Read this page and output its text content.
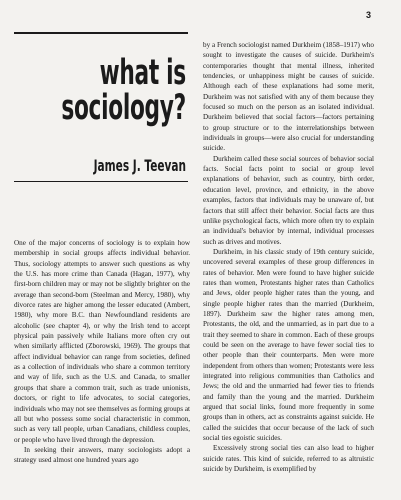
3
what is
sociology?
James J. Teevan

One of the major concerns of sociology is to explain how membership in social groups affects individual behavior. Thus, sociology attempts to answer such questions as why the U.S. has more crime than Canada (Hagan, 1977), why first-born children may or may not be slightly brighter on the average than second-born (Steelman and Mercy, 1980), why divorce rates are higher among the lesser educated (Ambert, 1980), why more B.C. than Newfoundland residents are alcoholic (see chapter 4), or why the Irish tend to accept physical pain passively while Italians more often cry out when similarly afflicted (Zborowski, 1969). The groups that affect individual behavior can range from societies, defined as a collection of individuals who share a common territory and way of life, such as the U.S. and Canada, to smaller groups that share a common trait, such as trade unionists, doctors, or right to life advocates, to social categories, individuals who may not see themselves as forming groups at all but who possess some social characteristic in common, such as very tall people, urban Canadians, childless couples, or people who have lived through the depression.

In seeking their answers, many sociologists adopt a strategy used almost one hundred years ago

by a French sociologist named Durkheim (1858–1917) who sought to investigate the causes of suicide. Durkheim's contemporaries thought that mental illness, inherited tendencies, or unhappiness might be causes of suicide. Although each of these explanations had some merit, Durkheim was not satisfied with any of them because they focused so much on the person as an isolated individual. Durkheim believed that social factors—factors pertaining to group structure or to the interrelationships between individuals in groups—were also crucial for understanding suicide.

Durkheim called these social sources of behavior social facts. Social facts point to social or group level explanations of behavior, such as country, birth order, education level, province, and ethnicity, in the above examples, factors that individuals may be unaware of, but factors that still affect their behavior. Social facts are thus unlike psychological facts, which more often try to explain an individual's behavior by internal, individual processes such as drives and motives.

Durkheim, in his classic study of 19th century suicide, uncovered several examples of these group differences in rates of behavior. Men were found to have higher suicide rates than women, Protestants higher rates than Catholics and Jews, older people higher rates than the young, and single people higher rates than the married (Durkheim, 1897). Durkheim saw the higher rates among men, Protestants, the old, and the unmarried, as in part due to a trait they seemed to share in common. Each of these groups could be seen on the average to have fewer social ties to other people than their counterparts. Men were more independent from others than women; Protestants were less integrated into religious communities than Catholics and Jews; the old and the unmarried had fewer ties to friends and family than the young and the married. Durkheim argued that social links, found more frequently in some groups than in others, act as constraints against suicide. He called the suicides that occur because of the lack of such social ties egoistic suicides.

Excessively strong social ties can also lead to higher suicide rates. This kind of suicide, referred to as altruistic suicide by Durkheim, is exemplified by
